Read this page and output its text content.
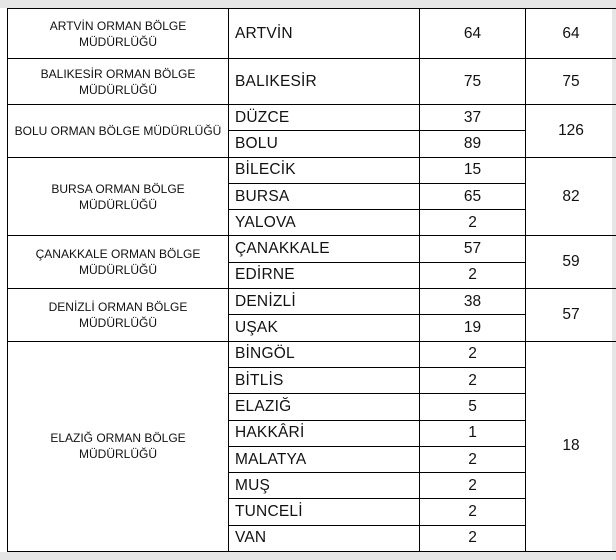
ARTVİN ORMAN BÖLGE MÜDÜRLÜĞÜ	ARTVİN	64	64
BALIKESİR ORMAN BÖLGE MÜDÜRLÜĞÜ	BALIKESİR	75	75
BOLU ORMAN BÖLGE MÜDÜRLÜĞÜ	DÜZCE	37	126
	BOLU	89	
BURSA ORMAN BÖLGE MÜDÜRLÜĞÜ	BİLECİK	15	82
	BURSA	65	
	YALOVA	2	
ÇANAKKALE ORMAN BÖLGE MÜDÜRLÜĞÜ	ÇANAKKALE	57	59
	EDİRNE	2	
DENİZLİ ORMAN BÖLGE MÜDÜRLÜĞÜ	DENİZLİ	38	57
	UŞAK	19	
ELAZIĞ ORMAN BÖLGE MÜDÜRLÜĞÜ	BİNGÖL	2	18
	BİTLİS	2	
	ELAZIĞ	5	
	HAKKÂRİ	1	
	MALATYA	2	
	MUŞ	2	
	TUNCELİ	2	
	VAN	2	
